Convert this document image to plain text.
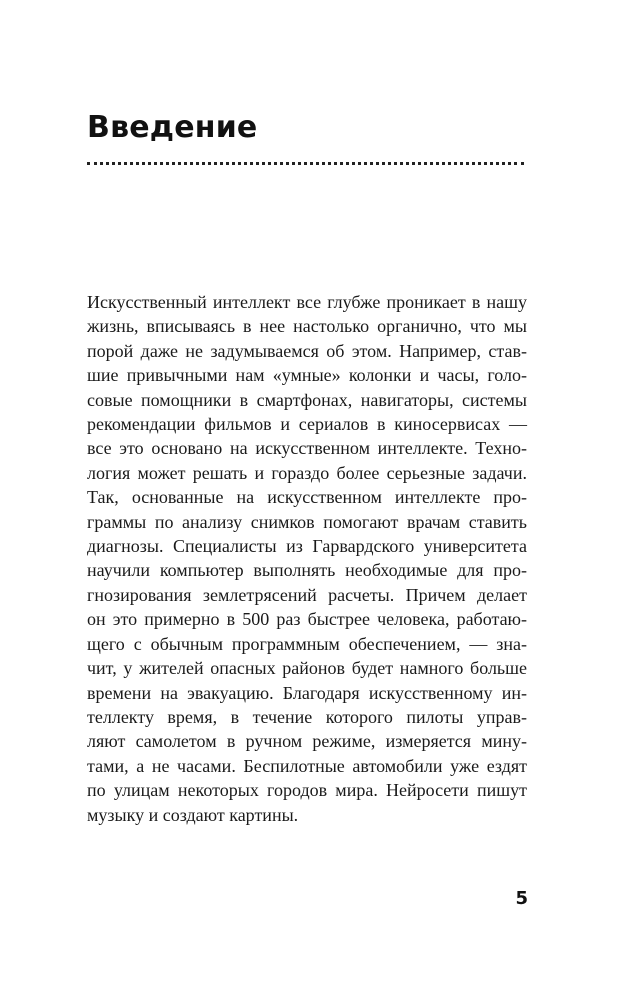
Введение

Искусственный интеллект все глубже проникает в нашу
жизнь, вписываясь в нее настолько органично, что мы
порой даже не задумываемся об этом. Например, став-
шие привычными нам «умные» колонки и часы, голо-
совые помощники в смартфонах, навигаторы, системы
рекомендации фильмов и сериалов в киносервисах —
все это основано на искусственном интеллекте. Техно-
логия может решать и гораздо более серьезные задачи.
Так, основанные на искусственном интеллекте про-
граммы по анализу снимков помогают врачам ставить
диагнозы. Специалисты из Гарвардского университета
научили компьютер выполнять необходимые для про-
гнозирования землетрясений расчеты. Причем делает
он это примерно в 500 раз быстрее человека, работаю-
щего с обычным программным обеспечением, — зна-
чит, у жителей опасных районов будет намного больше
времени на эвакуацию. Благодаря искусственному ин-
теллекту время, в течение которого пилоты управ-
ляют самолетом в ручном режиме, измеряется мину-
тами, а не часами. Беспилотные автомобили уже ездят
по улицам некоторых городов мира. Нейросети пишут
музыку и создают картины.

5
